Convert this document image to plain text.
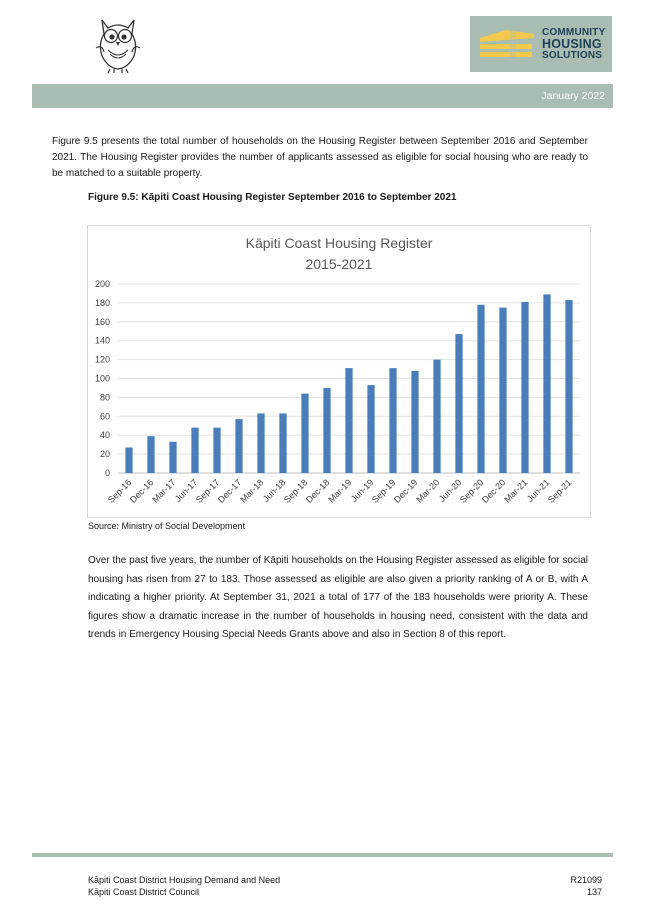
COMMUNITY
HOUSING
SOLUTIONS
January 2022

Figure 9.5 presents the total number of households on the Housing Register between September 2016 and September 2021. The Housing Register provides the number of applicants assessed as eligible for social housing who are ready to be matched to a suitable property.

Figure 9.5: Kāpiti Coast Housing Register September 2016 to September 2021
Kāpiti Coast Housing Register
2015-2021
0
20
40
60
80
100
120
140
160
180
200
Sep-16
Dec-16
Mar-17
Jun-17
Sep-17
Dec-17
Mar-18
Jun-18
Sep-18
Dec-18
Mar-19
Jun-19
Sep-19
Dec-19
Mar-20
Jun-20
Sep-20
Dec-20
Mar-21
Jun-21
Sep-21
Source: Ministry of Social Development

Over the past five years, the number of Kāpiti households on the Housing Register assessed as eligible for social housing has risen from 27 to 183. Those assessed as eligible are also given a priority ranking of A or B, with A indicating a higher priority. At September 31, 2021 a total of 177 of the 183 households were priority A. These figures show a dramatic increase in the number of households in housing need, consistent with the data and trends in Emergency Housing Special Needs Grants above and also in Section 8 of this report.

Kāpiti Coast District Housing Demand and Need
Kāpiti Coast District Council
R21099
137
